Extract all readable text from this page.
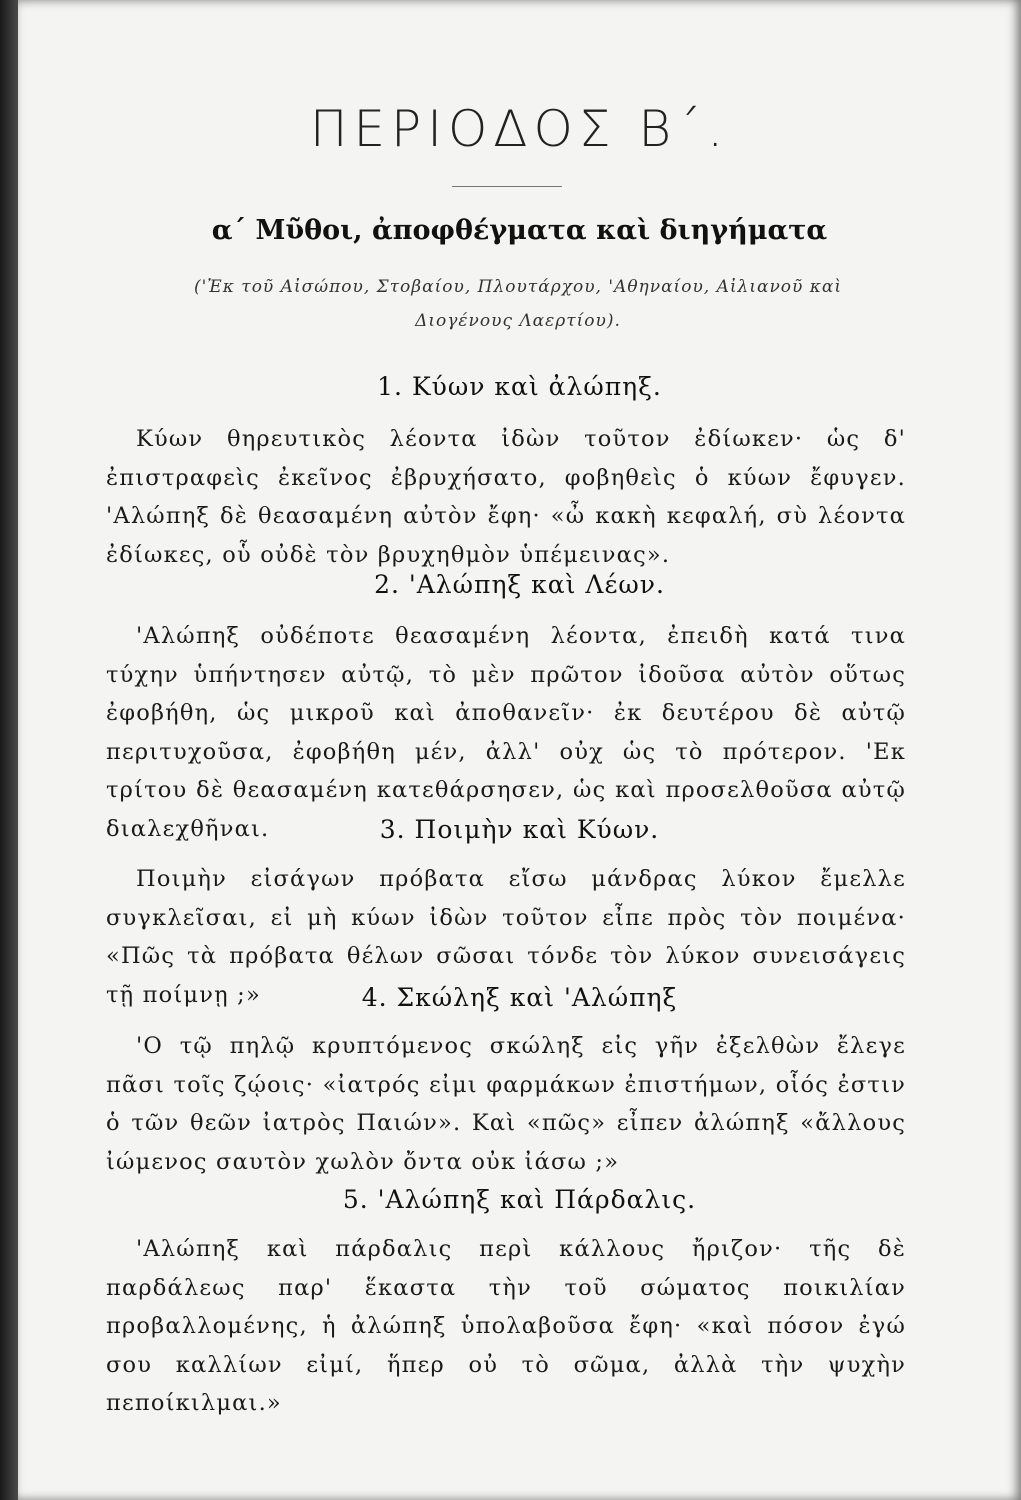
ΠΕΡΙΟΔΟΣ Β΄.
α΄ Μῦθοι, ἀποφθέγματα καὶ διηγήματα
('Ἐκ τοῦ Αἰσώπου, Στοβαίου, Πλουτάρχου, 'Αθηναίου, Αἰλιανοῦ καὶ Διογένους Λαερτίου).
1. Κύων καὶ ἀλώπηξ.

Κύων θηρευτικὸς λέοντα ἰδὼν τοῦτον ἐδίωκεν· ὡς δ' ἐπιστραφεὶς ἐκεῖνος ἐβρυχήσατο, φοβηθεὶς ὁ κύων ἔφυγεν. 'Αλώπηξ δὲ θεασαμένη αὐτὸν ἔφη· «ὦ κακὴ κεφαλή, σὺ λέοντα ἐδίωκες, οὗ οὐδὲ τὸν βρυχηθμὸν ὑπέμεινας».

2. 'Αλώπηξ καὶ Λέων.

'Αλώπηξ οὐδέποτε θεασαμένη λέοντα, ἐπειδὴ κατά τινα τύχην ὑπήντησεν αὐτῷ, τὸ μὲν πρῶτον ἰδοῦσα αὐτὸν οὕτως ἐφοβήθη, ὡς μικροῦ καὶ ἀποθανεῖν· ἐκ δευτέρου δὲ αὐτῷ περιτυχοῦσα, ἐφοβήθη μέν, ἀλλ' οὐχ ὡς τὸ πρότερον. 'Εκ τρίτου δὲ θεασαμένη κατεθάρσησεν, ὡς καὶ προσελθοῦσα αὐτῷ διαλεχθῆναι.	3. Ποιμὴν καὶ Κύων.

Ποιμὴν εἰσάγων πρόβατα εἴσω μάνδρας λύκον ἔμελλε συγκλεῖσαι, εἰ μὴ κύων ἰδὼν τοῦτον εἶπε πρὸς τὸν ποιμένα· «Πῶς τὰ πρόβατα θέλων σῶσαι τόνδε τὸν λύκον συνεισάγεις τῇ ποίμνῃ ;»	4. Σκώληξ καὶ 'Αλώπηξ

'Ο τῷ πηλῷ κρυπτόμενος σκώληξ εἰς γῆν ἐξελθὼν ἔλεγε πᾶσι τοῖς ζῴοις· «ἰατρός εἰμι φαρμάκων ἐπιστήμων, οἷός ἐστιν ὁ τῶν θεῶν ἰατρὸς Παιών». Καὶ «πῶς» εἶπεν ἀλώπηξ «ἄλλους ἰώμενος σαυτὸν χωλὸν ὄντα οὐκ ἰάσω ;»

5. 'Αλώπηξ καὶ Πάρδαλις.

'Αλώπηξ καὶ πάρδαλις περὶ κάλλους ἤριζον· τῆς δὲ παρδάλεως παρ' ἕκαστα τὴν τοῦ σώματος ποικιλίαν προβαλλομένης, ἡ ἀλώπηξ ὑπολαβοῦσα ἔφη· «καὶ πόσον ἐγώ σου καλλίων εἰμί, ἥπερ οὐ τὸ σῶμα, ἀλλὰ τὴν ψυχὴν πεποίκιλμαι.»
